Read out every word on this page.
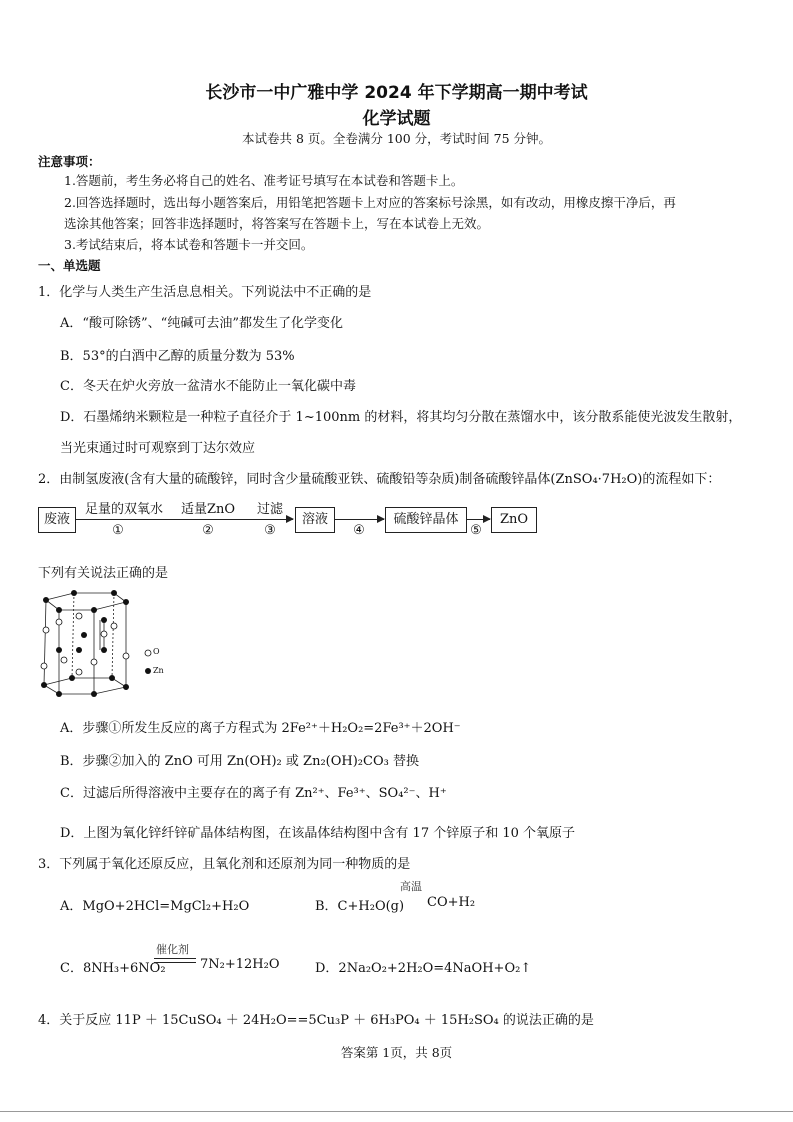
长沙市一中广雅中学 2024 年下学期高一期中考试
化学试题
本试卷共 8 页。全卷满分 100 分，考试时间 75 分钟。
注意事项：
1.答题前，考生务必将自己的姓名、准考证号填写在本试卷和答题卡上。
2.回答选择题时，选出每小题答案后，用铅笔把答题卡上对应的答案标号涂黑，如有改动，用橡皮擦干净后，再
选涂其他答案；回答非选择题时，将答案写在答题卡上，写在本试卷上无效。
3.考试结束后，将本试卷和答题卡一并交回。
一、单选题
1．化学与人类生产生活息息相关。下列说法中不正确的是
A．“酸可除锈”、“纯碱可去油”都发生了化学变化
B．53°的白酒中乙醇的质量分数为 53%
C．冬天在炉火旁放一盆清水不能防止一氧化碳中毒
D．石墨烯纳米颗粒是一种粒子直径介于 1~100nm 的材料，将其均匀分散在蒸馏水中，该分散系能使光波发生散射，
当光束通过时可观察到丁达尔效应
2．由制氢废液(含有大量的硫酸锌，同时含少量硫酸亚铁、硫酸铅等杂质)制备硫酸锌晶体(ZnSO₄·7H₂O)的流程如下：
废液
足量的双氧水
①
适量ZnO
②
过滤
③
溶液
④
硫酸锌晶体
⑤
ZnO
下列有关说法正确的是
O
Zn
A．步骤①所发生反应的离子方程式为 2Fe²⁺＋H₂O₂=2Fe³⁺＋2OH⁻
B．步骤②加入的 ZnO 可用 Zn(OH)₂ 或 Zn₂(OH)₂CO₃ 替换
C．过滤后所得溶液中主要存在的离子有 Zn²⁺、Fe³⁺、SO₄²⁻、H⁺
D．上图为氧化锌纤锌矿晶体结构图，在该晶体结构图中含有 17 个锌原子和 10 个氧原子
3．下列属于氧化还原反应，且氧化剂和还原剂为同一种物质的是
A．MgO+2HCl=MgCl₂+H₂O	B．C+H₂O(g)
高温
CO+H₂
C．8NH₃+6NO₂
催化剂
7N₂+12H₂O	D．2Na₂O₂+2H₂O=4NaOH+O₂↑
4．关于反应 11P ＋ 15CuSO₄ ＋ 24H₂O==5Cu₃P ＋ 6H₃PO₄ ＋ 15H₂SO₄ 的说法正确的是
答案第 1页，共 8页
